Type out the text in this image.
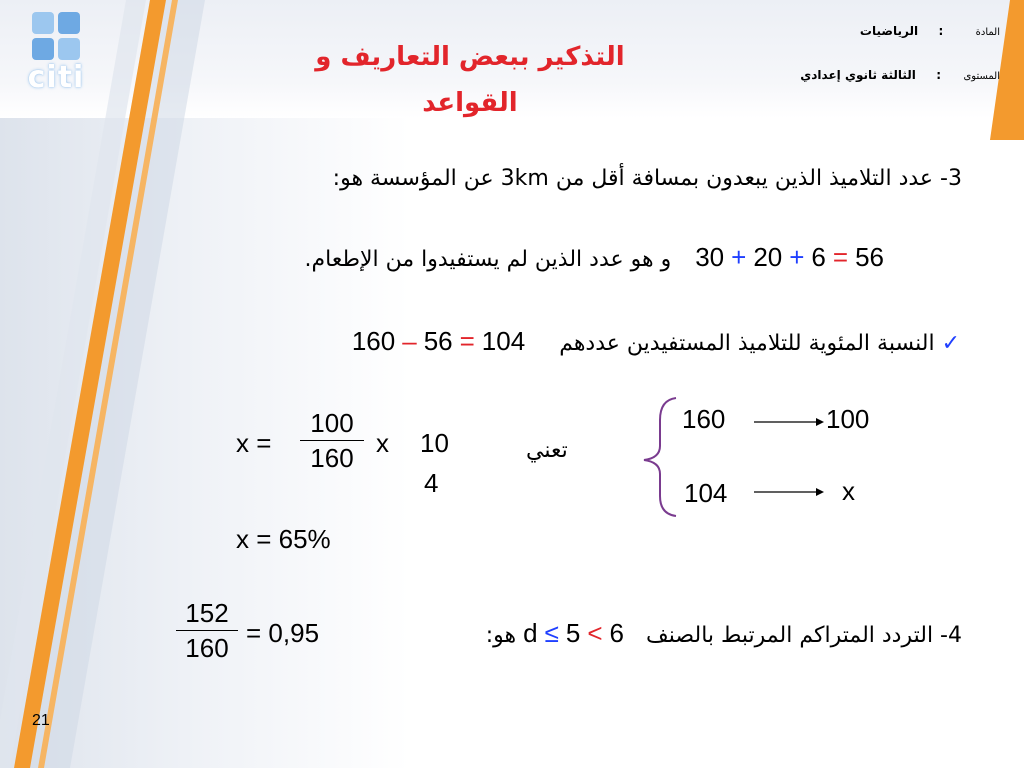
citi
التذكير ببعض التعاريف و القواعد
المادة  :  الرياضيات
المستوى  :  الثالثة ثانوي إعدادي
3- عدد التلاميذ الذين يبعدون بمسافة أقل من 3km عن المؤسسة هو:
56 = 6 + 20 + 30  و هو عدد الذين لم يستفيدوا من الإطعام.
✓ النسبة المئوية للتلاميذ المستفيدين عددهم  104 = 56 – 160
160	100
104	x
تعني
x =
100
160 x 10
4
x = 65%
4- التردد المتراكم المرتبط بالصنف  6 > d ≤ 5 هو:
= 0,95
152
160
21
